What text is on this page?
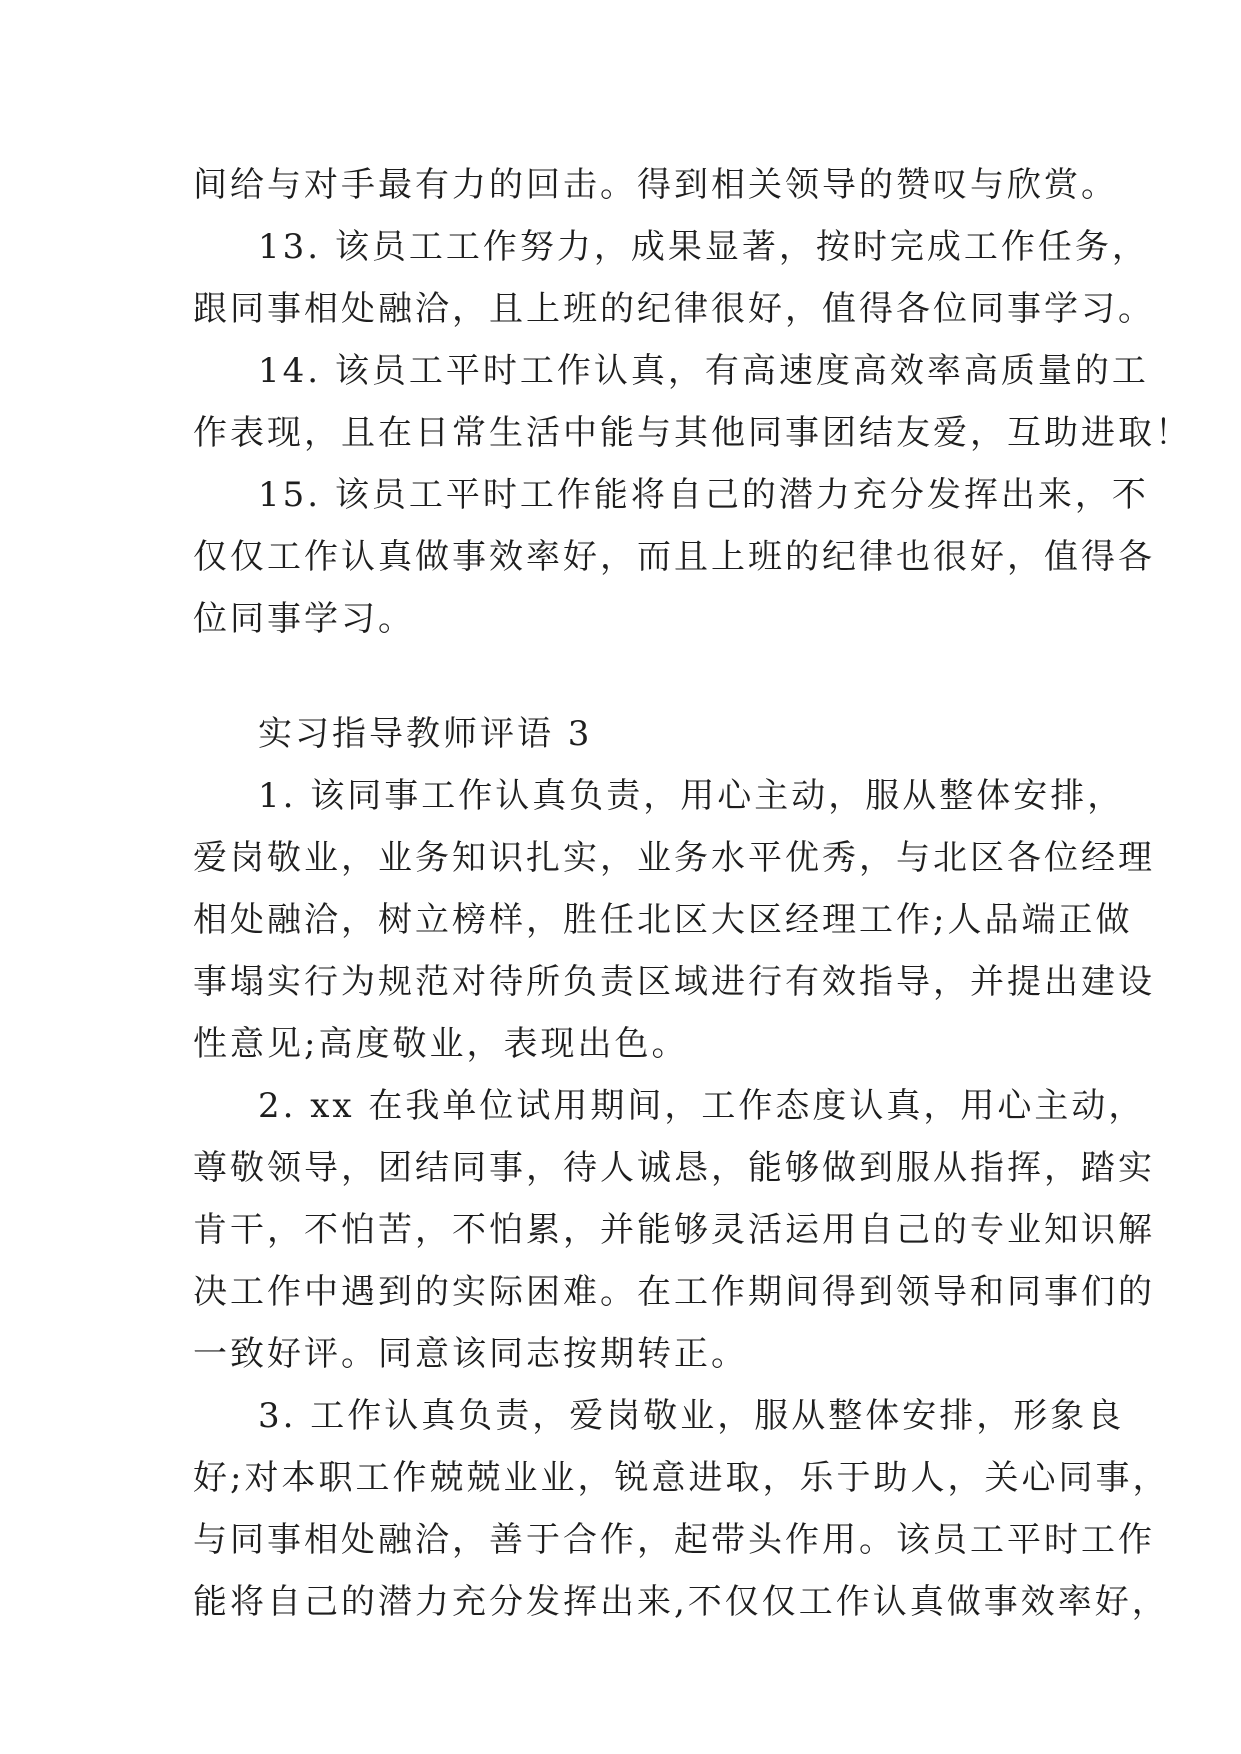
间给与对手最有力的回击。得到相关领导的赞叹与欣赏。
13. 该员工工作努力，成果显著，按时完成工作任务，
跟同事相处融洽，且上班的纪律很好，值得各位同事学习。
14. 该员工平时工作认真，有高速度高效率高质量的工
作表现，且在日常生活中能与其他同事团结友爱，互助进取！
15. 该员工平时工作能将自己的潜力充分发挥出来，不
仅仅工作认真做事效率好，而且上班的纪律也很好，值得各
位同事学习。
实习指导教师评语 3
1. 该同事工作认真负责，用心主动，服从整体安排，
爱岗敬业，业务知识扎实，业务水平优秀，与北区各位经理
相处融洽，树立榜样，胜任北区大区经理工作;人品端正做
事塌实行为规范对待所负责区域进行有效指导，并提出建设
性意见;高度敬业，表现出色。
2. xx 在我单位试用期间，工作态度认真，用心主动，
尊敬领导，团结同事，待人诚恳，能够做到服从指挥，踏实
肯干，不怕苦，不怕累，并能够灵活运用自己的专业知识解
决工作中遇到的实际困难。在工作期间得到领导和同事们的
一致好评。同意该同志按期转正。
3. 工作认真负责，爱岗敬业，服从整体安排，形象良
好;对本职工作兢兢业业，锐意进取，乐于助人，关心同事，
与同事相处融洽，善于合作，起带头作用。该员工平时工作
能将自己的潜力充分发挥出来,不仅仅工作认真做事效率好，
